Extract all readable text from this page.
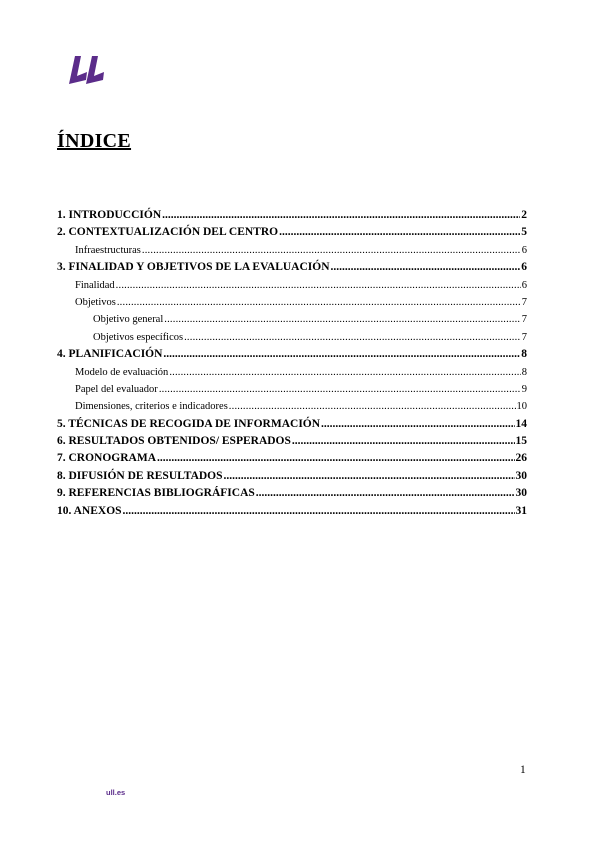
ÍNDICE
1. INTRODUCCIÓN .....	2
2. CONTEXTUALIZACIÓN DEL CENTRO .....	5
Infraestructuras .....	6
3. FINALIDAD Y OBJETIVOS DE LA EVALUACIÓN .....	6
Finalidad .....	6
Objetivos .....	7
Objetivo general .....	7
Objetivos específicos .....	7
4. PLANIFICACIÓN .....	8
Modelo de evaluación .....	8
Papel del evaluador .....	9
Dimensiones, criterios e indicadores .....	10
5. TÉCNICAS DE RECOGIDA DE INFORMACIÓN .....	14
6. RESULTADOS OBTENIDOS/ ESPERADOS .....	15
7. CRONOGRAMA .....	26
8. DIFUSIÓN DE RESULTADOS .....	30
9. REFERENCIAS BIBLIOGRÁFICAS .....	30
10. ANEXOS .....	31
1
ull.es
